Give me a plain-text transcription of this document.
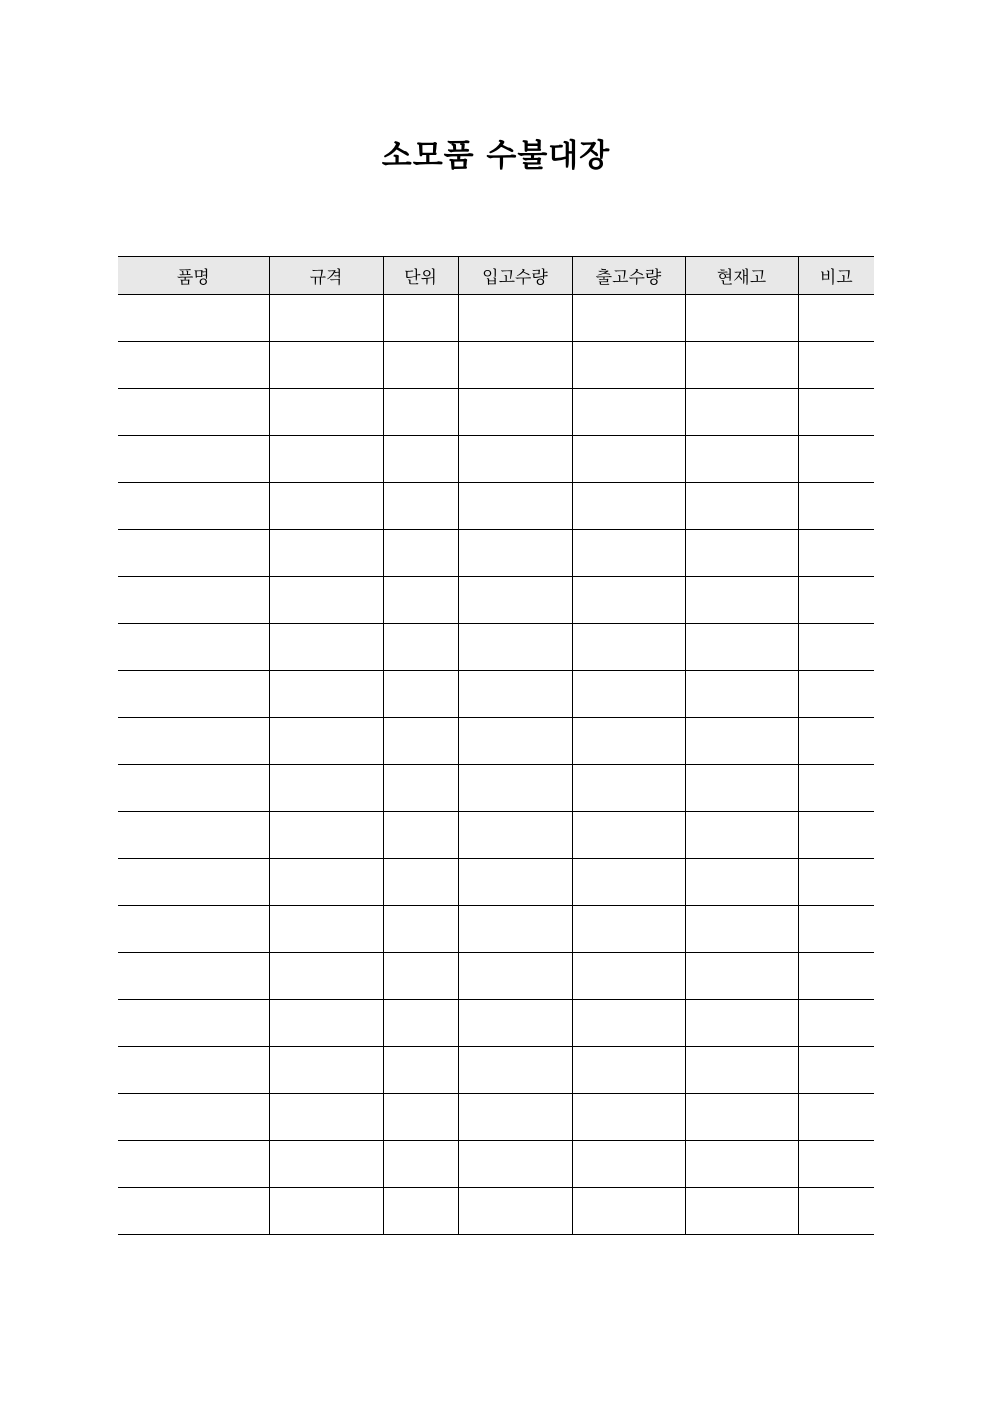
소모품 수불대장
품명	규격	단위	입고수량	출고수량	현재고	비고
